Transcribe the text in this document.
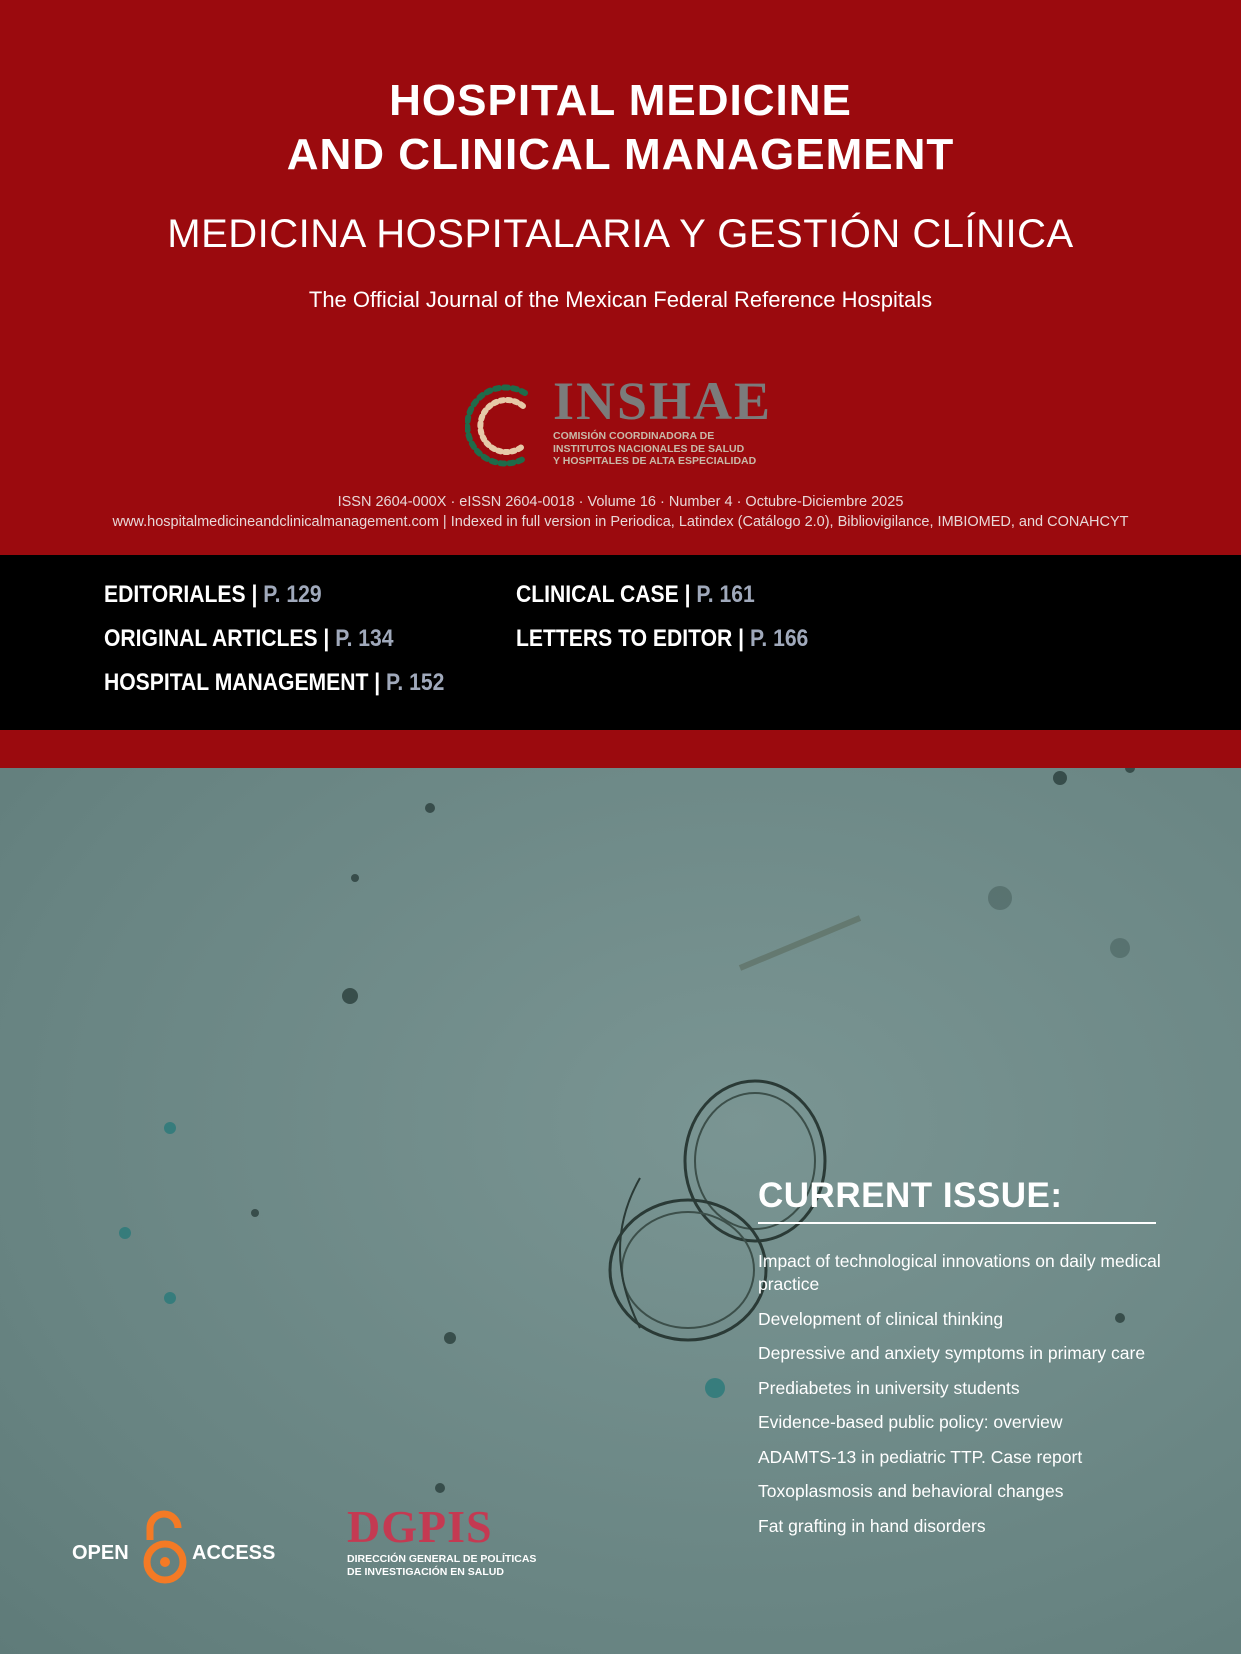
HOSPITAL MEDICINE
AND CLINICAL MANAGEMENT
MEDICINA HOSPITALARIA Y GESTIÓN CLÍNICA
The Official Journal of the Mexican Federal Reference Hospitals
INSHAE
COMISIÓN COORDINADORA DE
INSTITUTOS NACIONALES DE SALUD
Y HOSPITALES DE ALTA ESPECIALIDAD
ISSN 2604-000X · eISSN 2604-0018 · Volume 16 · Number 4 · Octubre-Diciembre 2025
www.hospitalmedicineandclinicalmanagement.com | Indexed in full version in Periodica, Latindex (Catálogo 2.0), Bibliovigilance, IMBIOMED, and CONAHCYT
EDITORIALES | P. 129
ORIGINAL ARTICLES | P. 134
HOSPITAL MANAGEMENT | P. 152
CLINICAL CASE | P. 161
LETTERS TO EDITOR | P. 166
CURRENT ISSUE:
Impact of technological innovations on daily medical practice
Development of clinical thinking
Depressive and anxiety symptoms in primary care
Prediabetes in university students
Evidence-based public policy: overview
ADAMTS-13 in pediatric TTP. Case report
Toxoplasmosis and behavioral changes
Fat grafting in hand disorders
OPEN	ACCESS
DGPIS
DIRECCIÓN GENERAL DE POLÍTICAS
DE INVESTIGACIÓN EN SALUD
